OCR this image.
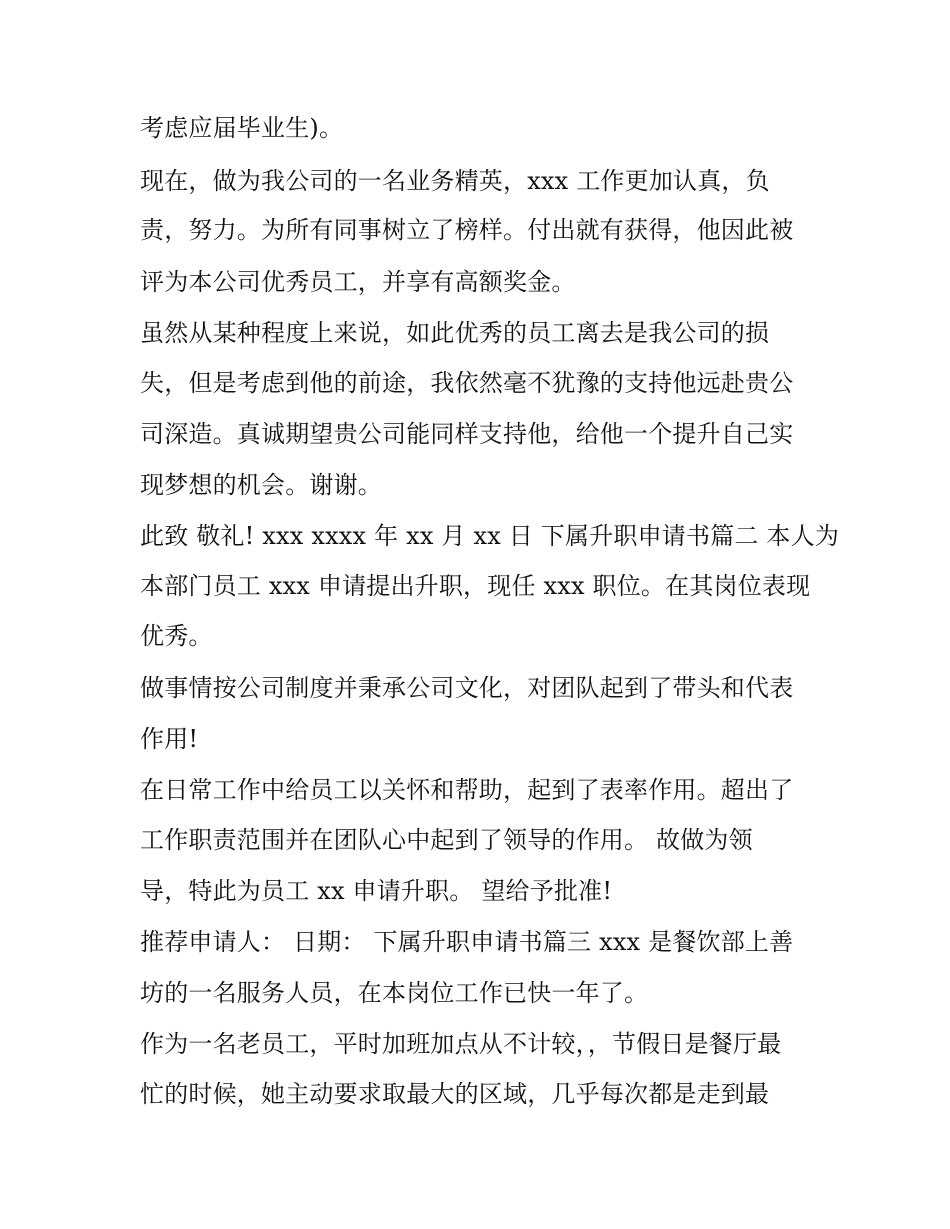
考虑应届毕业生)。
现在，做为我公司的一名业务精英，xxx 工作更加认真，负
责，努力。为所有同事树立了榜样。付出就有获得，他因此被
评为本公司优秀员工，并享有高额奖金。
虽然从某种程度上来说，如此优秀的员工离去是我公司的损
失，但是考虑到他的前途，我依然毫不犹豫的支持他远赴贵公
司深造。真诚期望贵公司能同样支持他，给他一个提升自己实
现梦想的机会。谢谢。
此致 敬礼! xxx xxxx 年 xx 月 xx 日 下属升职申请书篇二 本人为
本部门员工 xxx 申请提出升职，现任 xxx 职位。在其岗位表现
优秀。
做事情按公司制度并秉承公司文化，对团队起到了带头和代表
作用!
在日常工作中给员工以关怀和帮助，起到了表率作用。超出了
工作职责范围并在团队心中起到了领导的作用。 故做为领
导，特此为员工 xx 申请升职。 望给予批准!
推荐申请人： 日期： 下属升职申请书篇三 xxx 是餐饮部上善
坊的一名服务人员，在本岗位工作已快一年了。
作为一名老员工，平时加班加点从不计较，，节假日是餐厅最
忙的时候，她主动要求取最大的区域，几乎每次都是走到最
